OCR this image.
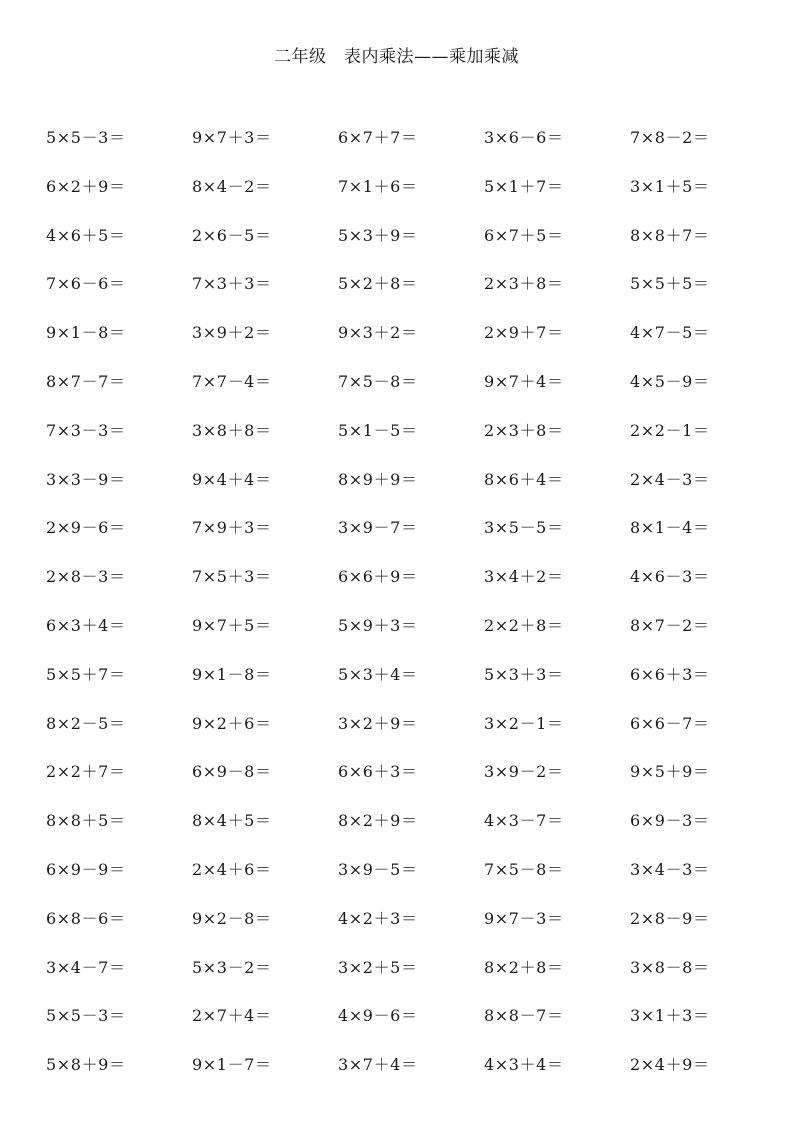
二年级　表内乘法——乘加乘减
5×5－3＝	9×7＋3＝	6×7＋7＝	3×6－6＝	7×8－2＝
6×2＋9＝	8×4－2＝	7×1＋6＝	5×1＋7＝	3×1＋5＝
4×6＋5＝	2×6－5＝	5×3＋9＝	6×7＋5＝	8×8＋7＝
7×6－6＝	7×3＋3＝	5×2＋8＝	2×3＋8＝	5×5＋5＝
9×1－8＝	3×9＋2＝	9×3＋2＝	2×9＋7＝	4×7－5＝
8×7－7＝	7×7－4＝	7×5－8＝	9×7＋4＝	4×5－9＝
7×3－3＝	3×8＋8＝	5×1－5＝	2×3＋8＝	2×2－1＝
3×3－9＝	9×4＋4＝	8×9＋9＝	8×6＋4＝	2×4－3＝
2×9－6＝	7×9＋3＝	3×9－7＝	3×5－5＝	8×1－4＝
2×8－3＝	7×5＋3＝	6×6＋9＝	3×4＋2＝	4×6－3＝
6×3＋4＝	9×7＋5＝	5×9＋3＝	2×2＋8＝	8×7－2＝
5×5＋7＝	9×1－8＝	5×3＋4＝	5×3＋3＝	6×6＋3＝
8×2－5＝	9×2＋6＝	3×2＋9＝	3×2－1＝	6×6－7＝
2×2＋7＝	6×9－8＝	6×6＋3＝	3×9－2＝	9×5＋9＝
8×8＋5＝	8×4＋5＝	8×2＋9＝	4×3－7＝	6×9－3＝
6×9－9＝	2×4＋6＝	3×9－5＝	7×5－8＝	3×4－3＝
6×8－6＝	9×2－8＝	4×2＋3＝	9×7－3＝	2×8－9＝
3×4－7＝	5×3－2＝	3×2＋5＝	8×2＋8＝	3×8－8＝
5×5－3＝	2×7＋4＝	4×9－6＝	8×8－7＝	3×1＋3＝
5×8＋9＝	9×1－7＝	3×7＋4＝	4×3＋4＝	2×4＋9＝
